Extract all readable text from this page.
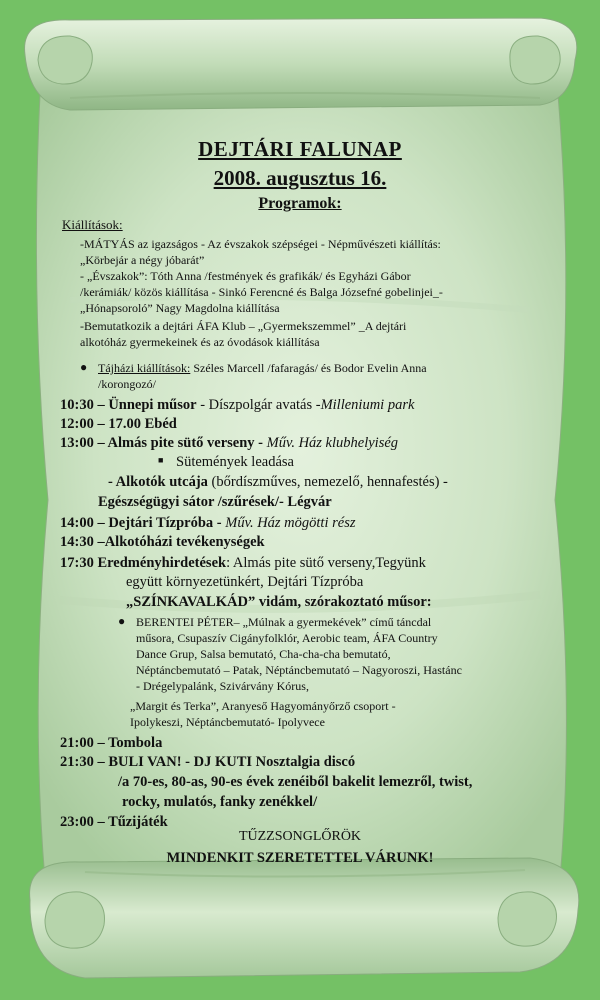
DEJTÁRI FALUNAP
2008. augusztus 16.
Programok:
Kiállítások:
-MÁTYÁS az igazságos - Az évszakok szépségei - Népművészeti kiállítás:
„Körbejár a négy jóbarát”
- „Évszakok”: Tóth Anna /festmények és grafikák/ és Egyházi Gábor
/kerámiák/ közös kiállítása - Sinkó Ferencné és Balga Józsefné gobelinjei_-
„Hónapsoroló” Nagy Magdolna kiállítása
-Bemutatkozik a dejtári ÁFA Klub – „Gyermekszemmel” _A dejtári
alkotóház gyermekeinek és az óvodások kiállítása
● Tájházi kiállítások: Széles Marcell /fafaragás/ és Bodor Evelin Anna
/korongozó/
10:30 – Ünnepi műsor - Díszpolgár avatás -Milleniumi park
12:00 – 17.00 Ebéd
13:00 – Almás pite sütő verseny - Műv. Ház klubhelyiség
■ Sütemények leadása
- Alkotók utcája (bőrdíszműves, nemezelő, hennafestés) -
Egészségügyi sátor /szűrések/- Légvár
14:00 – Dejtári Tízpróba - Műv. Ház mögötti rész
14:30 –Alkotóházi tevékenységek
17:30 Eredményhirdetések: Almás pite sütő verseny,Tegyünk
együtt környezetünkért, Dejtári Tízpróba
„SZÍNKAVALKÁD” vidám, szórakoztató műsor:
● BERENTEI PÉTER– „Múlnak a gyermekévek” című táncdal
műsora, Csupaszív Cigányfolklór, Aerobic team, ÁFA Country
Dance Grup, Salsa bemutató, Cha-cha-cha bemutató,
Néptáncbemutató – Patak, Néptáncbemutató – Nagyoroszi, Hastánc
- Drégelypalánk, Szivárvány Kórus,
„Margit és Terka”, Aranyeső Hagyományőrző csoport -
Ipolykeszi, Néptáncbemutató- Ipolyvece
21:00 – Tombola
21:30 – BULI VAN! - DJ KUTI Nosztalgia discó
/a 70-es, 80-as, 90-es évek zenéiből bakelit lemezről, twist,
rocky, mulatós, fanky zenékkel/
23:00 – Tűzijáték
TŰZZSONGLŐRÖK
MINDENKIT SZERETETTEL VÁRUNK!
